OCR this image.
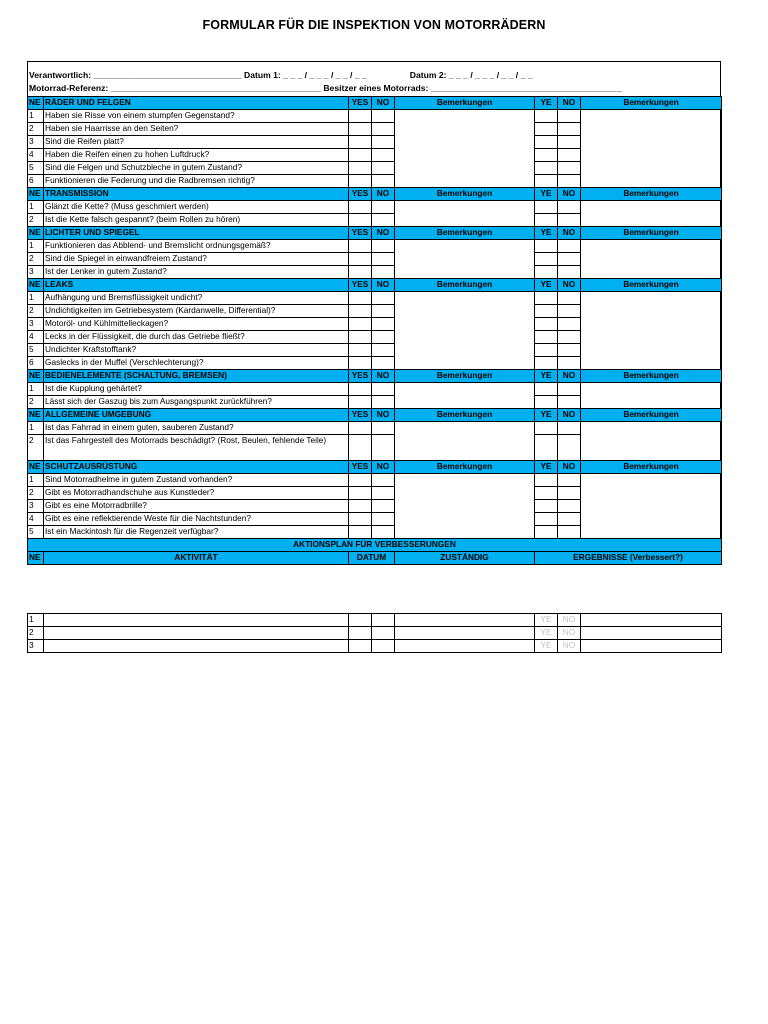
FORMULAR FÜR DIE INSPEKTION VON MOTORRÄDERN
Verantwortlich: _______________________________ Datum 1: _ _ _ / _ _ _ / _ _ / _ _                  Datum 2: _ _ _ / _ _ _ / _ _ / _ _
Motorrad-Referenz: ____________________________________________ Besitzer eines Motorrads: ________________________________________
NE	RÄDER UND FELGEN	YES	NO	Bemerkungen	YE	NO	Bemerkungen
1	Haben sie Risse von einem stumpfen Gegenstand?						
2	Haben sie Haarrisse an den Seiten?						
3	Sind die Reifen platt?						
4	Haben die Reifen einen zu hohen Luftdruck?						
5	Sind die Felgen und Schutzbleche in gutem Zustand?						
6	Funktionieren die Federung und die Radbremsen richtig?						
NE	TRANSMISSION	YES	NO	Bemerkungen	YE	NO	Bemerkungen
1	Glänzt die Kette? (Muss geschmiert werden)						
2	Ist die Kette falsch gespannt? (beim Rollen zu hören)						
NE	LICHTER UND SPIEGEL	YES	NO	Bemerkungen	YE	NO	Bemerkungen
1	Funktionieren das Abblend- und Bremslicht ordnungsgemäß?						
2	Sind die Spiegel in einwandfreiem Zustand?						
3	Ist der Lenker in gutem Zustand?						
NE	LEAKS	YES	NO	Bemerkungen	YE	NO	Bemerkungen
1	Aufhängung und Bremsflüssigkeit undicht?						
2	Undichtigkeiten im Getriebesystem (Kardanwelle, Differential)?						
3	Motoröl- und Kühlmittelleckagen?						
4	Lecks in der Flüssigkeit, die durch das Getriebe fließt?						
5	Undichter Kraftstofftank?						
6	Gaslecks in der Muffel (Verschlechterung)?						
NE	BEDIENELEMENTE (SCHALTUNG, BREMSEN)	YES	NO	Bemerkungen	YE	NO	Bemerkungen
1	Ist die Kupplung gehärtet?						
2	Lässt sich der Gaszug bis zum Ausgangspunkt zurückführen?						
NE	ALLGEMEINE UMGEBUNG	YES	NO	Bemerkungen	YE	NO	Bemerkungen
1	Ist das Fahrrad in einem guten, sauberen Zustand?						
2	Ist das Fahrgestell des Motorrads beschädigt? (Rost, Beulen, fehlende Teile)						
NE	SCHUTZAUSRÜSTUNG	YES	NO	Bemerkungen	YE	NO	Bemerkungen
1	Sind Motorradhelme in gutem Zustand vorhanden?						
2	Gibt es Motorradhandschuhe aus Kunstleder?						
3	Gibt es eine Motorradbrille?						
4	Gibt es eine reflektierende Weste für die Nachtstunden?						
5	Ist ein Mackintosh für die Regenzeit verfügbar?						
AKTIONSPLAN FÜR VERBESSERUNGEN							
NE	AKTIVITÄT	DATUM		ZUSTÄNDIG	ERGEBNISSE (Verbessert?)		
1					YE	NO	
2					YE	NO	
3					YE	NO	
